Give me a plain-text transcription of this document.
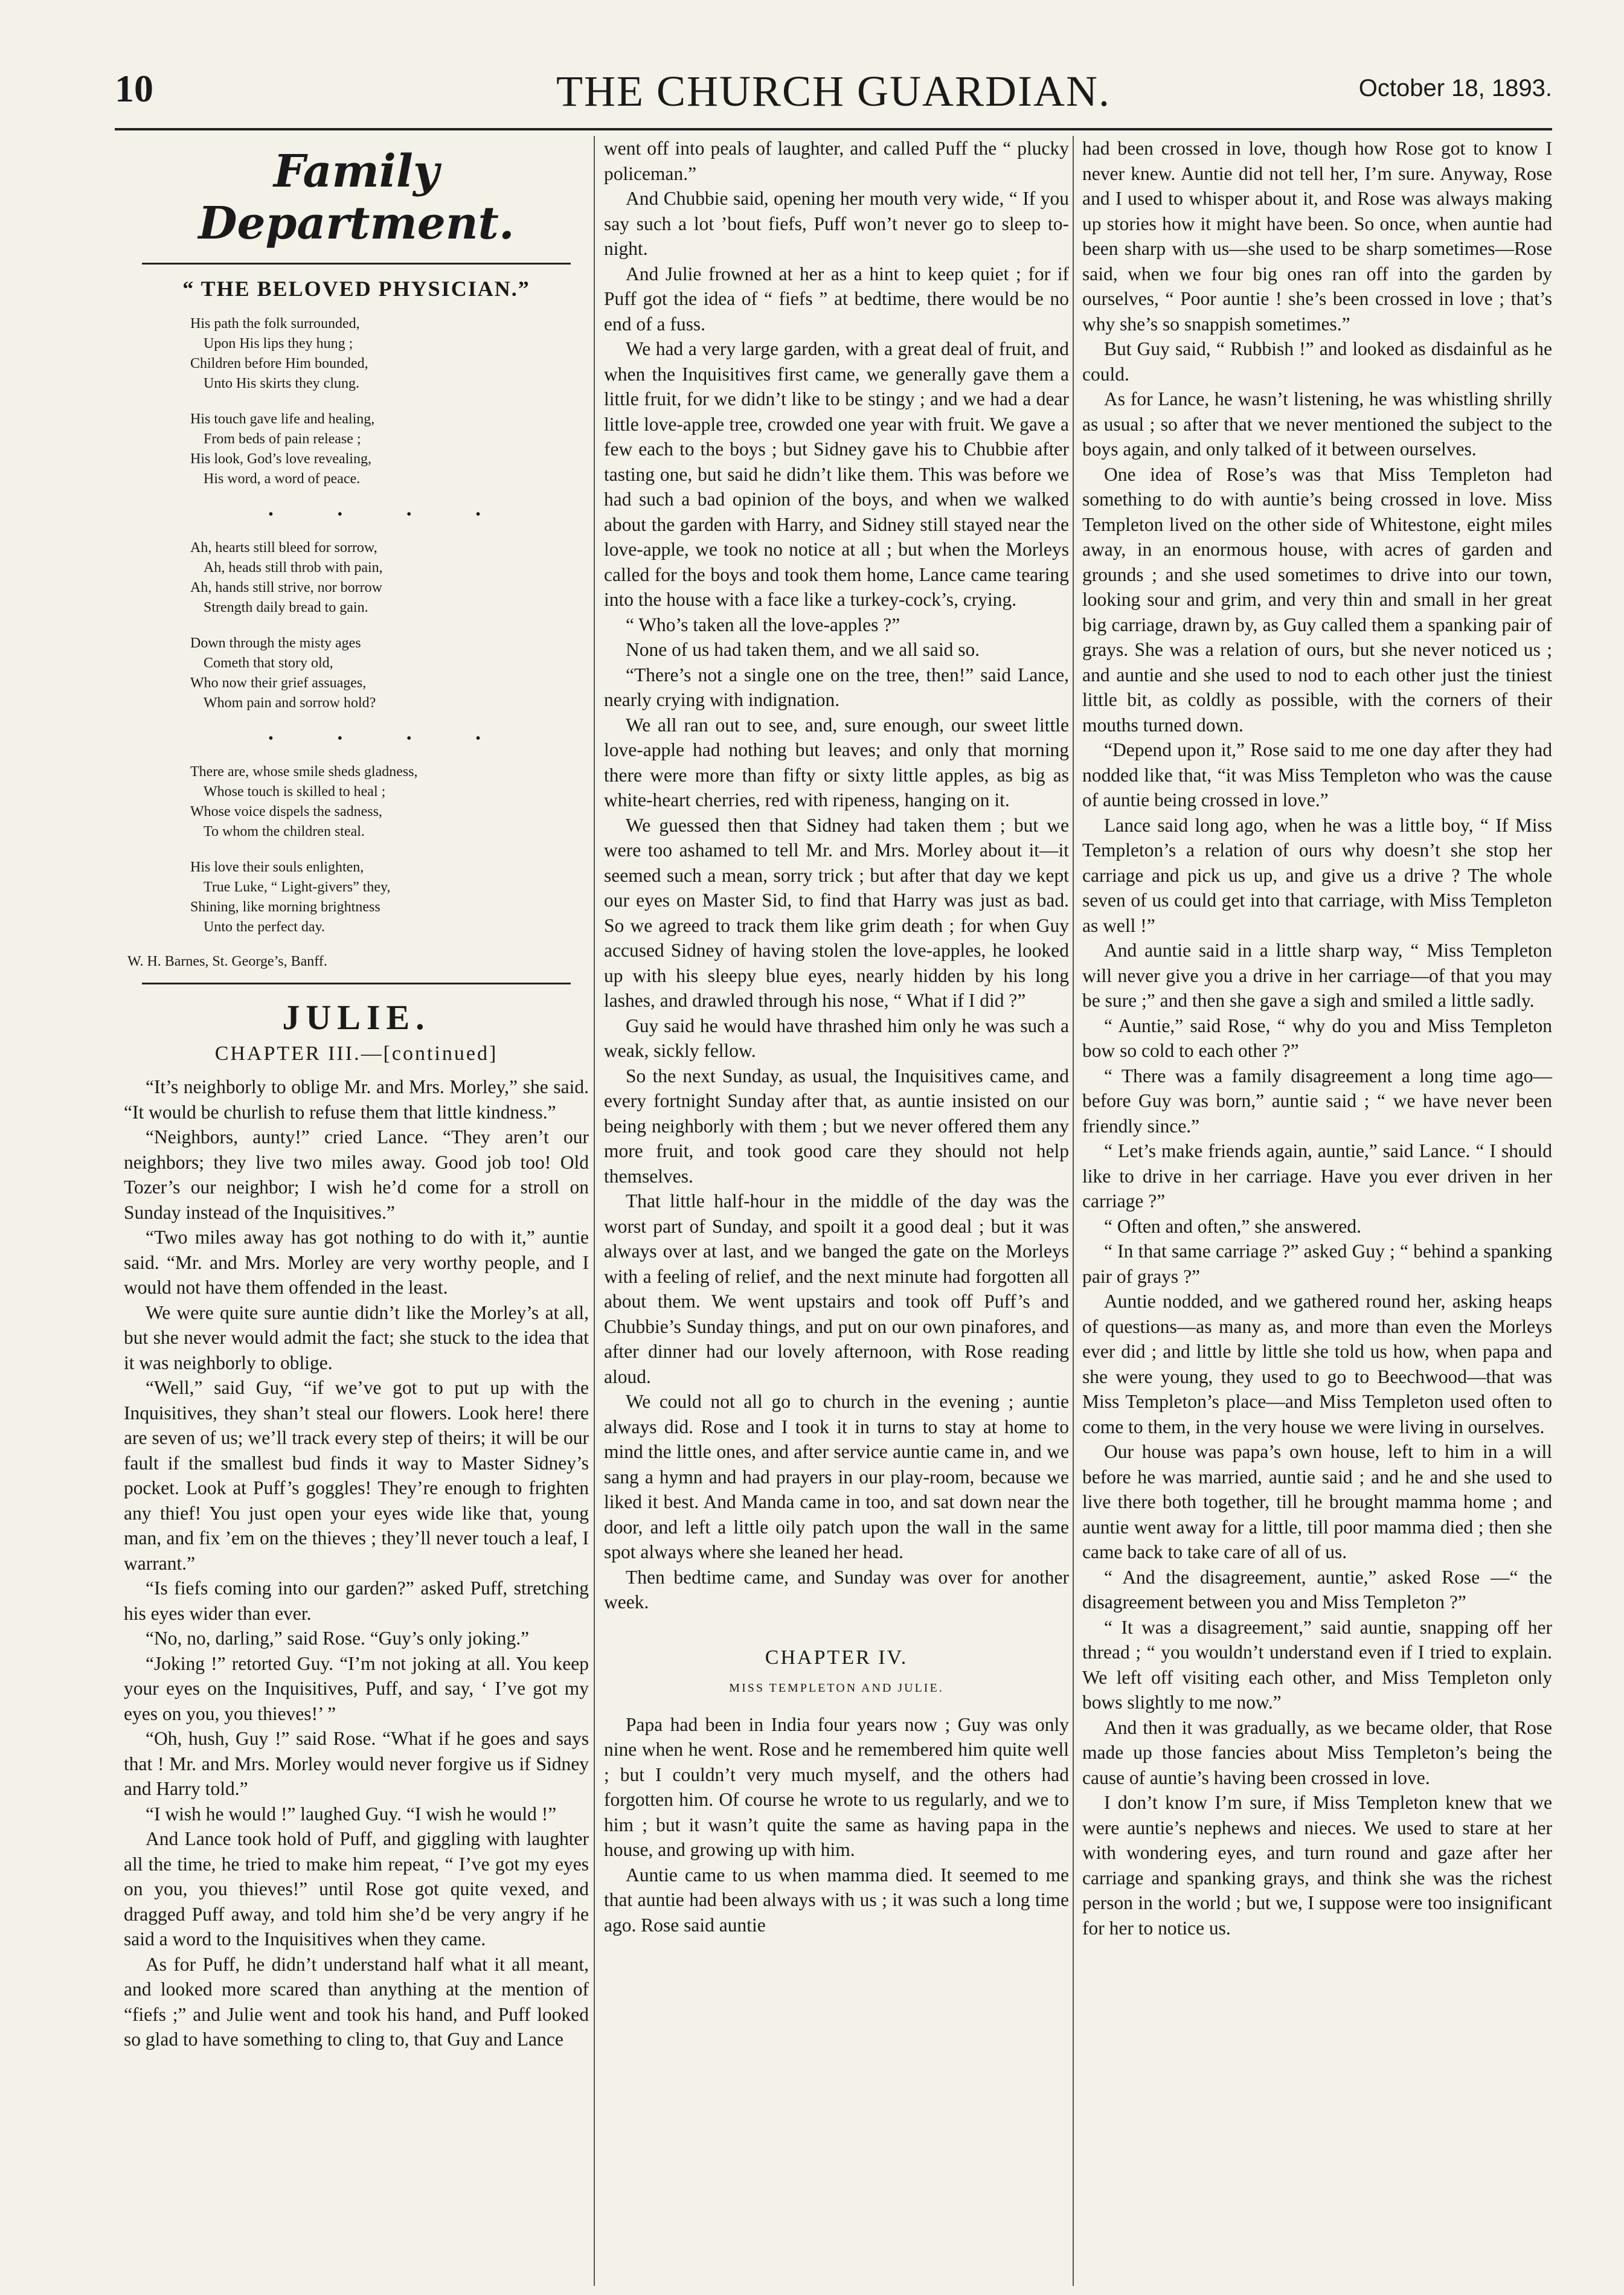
10	THE CHURCH GUARDIAN.	October 18, 1893.
Family Department.
“ THE BELOVED PHYSICIAN.”
His path the folk surrounded,
Upon His lips they hung ;
Children before Him bounded,
Unto His skirts they clung.
His touch gave life and healing,
From beds of pain release ;
His look, God’s love revealing,
His word, a word of peace.
• • • •
Ah, hearts still bleed for sorrow,
Ah, heads still throb with pain,
Ah, hands still strive, nor borrow
Strength daily bread to gain.
Down through the misty ages
Cometh that story old,
Who now their grief assuages,
Whom pain and sorrow hold?
• • • •
There are, whose smile sheds gladness,
Whose touch is skilled to heal ;
Whose voice dispels the sadness,
To whom the children steal.
His love their souls enlighten,
True Luke, “ Light-givers” they,
Shining, like morning brightness
Unto the perfect day.
W. H. Barnes, St. George’s, Banff.
JULIE.
CHAPTER III.—[continued]

“It’s neighborly to oblige Mr. and Mrs. Morley,” she said. “It would be churlish to refuse them that little kindness.”

“Neighbors, aunty!” cried Lance. “They aren’t our neighbors; they live two miles away. Good job too! Old Tozer’s our neighbor; I wish he’d come for a stroll on Sunday instead of the Inquisitives.”

“Two miles away has got nothing to do with it,” auntie said. “Mr. and Mrs. Morley are very worthy people, and I would not have them offended in the least.

We were quite sure auntie didn’t like the Morley’s at all, but she never would admit the fact; she stuck to the idea that it was neighborly to oblige.

“Well,” said Guy, “if we’ve got to put up with the Inquisitives, they shan’t steal our flowers. Look here! there are seven of us; we’ll track every step of theirs; it will be our fault if the smallest bud finds it way to Master Sidney’s pocket. Look at Puff’s goggles! They’re enough to frighten any thief! You just open your eyes wide like that, young man, and fix ’em on the thieves ; they’ll never touch a leaf, I warrant.”

“Is fiefs coming into our garden?” asked Puff, stretching his eyes wider than ever.

“No, no, darling,” said Rose. “Guy’s only joking.”

“Joking !” retorted Guy. “I’m not joking at all. You keep your eyes on the Inquisitives, Puff, and say, ‘ I’ve got my eyes on you, you thieves!’ ”

“Oh, hush, Guy !” said Rose. “What if he goes and says that ! Mr. and Mrs. Morley would never forgive us if Sidney and Harry told.”

“I wish he would !” laughed Guy. “I wish he would !”

And Lance took hold of Puff, and giggling with laughter all the time, he tried to make him repeat, “ I’ve got my eyes on you, you thieves!” until Rose got quite vexed, and dragged Puff away, and told him she’d be very angry if he said a word to the Inquisitives when they came.

As for Puff, he didn’t understand half what it all meant, and looked more scared than anything at the mention of “fiefs ;” and Julie went and took his hand, and Puff looked so glad to have something to cling to, that Guy and Lance

went off into peals of laughter, and called Puff the “ plucky policeman.”

And Chubbie said, opening her mouth very wide, “ If you say such a lot ’bout fiefs, Puff won’t never go to sleep to-night.

And Julie frowned at her as a hint to keep quiet ; for if Puff got the idea of “ fiefs ” at bedtime, there would be no end of a fuss.

We had a very large garden, with a great deal of fruit, and when the Inquisitives first came, we generally gave them a little fruit, for we didn’t like to be stingy ; and we had a dear little love-apple tree, crowded one year with fruit. We gave a few each to the boys ; but Sidney gave his to Chubbie after tasting one, but said he didn’t like them. This was before we had such a bad opinion of the boys, and when we walked about the garden with Harry, and Sidney still stayed near the love-apple, we took no notice at all ; but when the Morleys called for the boys and took them home, Lance came tearing into the house with a face like a turkey-cock’s, crying.

“ Who’s taken all the love-apples ?”

None of us had taken them, and we all said so.

“There’s not a single one on the tree, then!” said Lance, nearly crying with indignation.

We all ran out to see, and, sure enough, our sweet little love-apple had nothing but leaves; and only that morning there were more than fifty or sixty little apples, as big as white-heart cherries, red with ripeness, hanging on it.

We guessed then that Sidney had taken them ; but we were too ashamed to tell Mr. and Mrs. Morley about it—it seemed such a mean, sorry trick ; but after that day we kept our eyes on Master Sid, to find that Harry was just as bad. So we agreed to track them like grim death ; for when Guy accused Sidney of having stolen the love-apples, he looked up with his sleepy blue eyes, nearly hidden by his long lashes, and drawled through his nose, “ What if I did ?”

Guy said he would have thrashed him only he was such a weak, sickly fellow.

So the next Sunday, as usual, the Inquisitives came, and every fortnight Sunday after that, as auntie insisted on our being neighborly with them ; but we never offered them any more fruit, and took good care they should not help themselves.

That little half-hour in the middle of the day was the worst part of Sunday, and spoilt it a good deal ; but it was always over at last, and we banged the gate on the Morleys with a feeling of relief, and the next minute had forgotten all about them. We went upstairs and took off Puff’s and Chubbie’s Sunday things, and put on our own pinafores, and after dinner had our lovely afternoon, with Rose reading aloud.

We could not all go to church in the evening ; auntie always did. Rose and I took it in turns to stay at home to mind the little ones, and after service auntie came in, and we sang a hymn and had prayers in our play-room, because we liked it best. And Manda came in too, and sat down near the door, and left a little oily patch upon the wall in the same spot always where she leaned her head.

Then bedtime came, and Sunday was over for another week.

CHAPTER IV.
MISS TEMPLETON AND JULIE.

Papa had been in India four years now ; Guy was only nine when he went. Rose and he remembered him quite well ; but I couldn’t very much myself, and the others had forgotten him. Of course he wrote to us regularly, and we to him ; but it wasn’t quite the same as having papa in the house, and growing up with him.

Auntie came to us when mamma died. It seemed to me that auntie had been always with us ; it was such a long time ago. Rose said auntie

had been crossed in love, though how Rose got to know I never knew. Auntie did not tell her, I’m sure. Anyway, Rose and I used to whisper about it, and Rose was always making up stories how it might have been. So once, when auntie had been sharp with us—she used to be sharp sometimes—Rose said, when we four big ones ran off into the garden by ourselves, “ Poor auntie ! she’s been crossed in love ; that’s why she’s so snappish sometimes.”

But Guy said, “ Rubbish !” and looked as disdainful as he could.

As for Lance, he wasn’t listening, he was whistling shrilly as usual ; so after that we never mentioned the subject to the boys again, and only talked of it between ourselves.

One idea of Rose’s was that Miss Templeton had something to do with auntie’s being crossed in love. Miss Templeton lived on the other side of Whitestone, eight miles away, in an enormous house, with acres of garden and grounds ; and she used sometimes to drive into our town, looking sour and grim, and very thin and small in her great big carriage, drawn by, as Guy called them a spanking pair of grays. She was a relation of ours, but she never noticed us ; and auntie and she used to nod to each other just the tiniest little bit, as coldly as possible, with the corners of their mouths turned down.

“Depend upon it,” Rose said to me one day after they had nodded like that, “it was Miss Templeton who was the cause of auntie being crossed in love.”

Lance said long ago, when he was a little boy, “ If Miss Templeton’s a relation of ours why doesn’t she stop her carriage and pick us up, and give us a drive ? The whole seven of us could get into that carriage, with Miss Templeton as well !”

And auntie said in a little sharp way, “ Miss Templeton will never give you a drive in her carriage—of that you may be sure ;” and then she gave a sigh and smiled a little sadly.

“ Auntie,” said Rose, “ why do you and Miss Templeton bow so cold to each other ?”

“ There was a family disagreement a long time ago—before Guy was born,” auntie said ; “ we have never been friendly since.”

“ Let’s make friends again, auntie,” said Lance. “ I should like to drive in her carriage. Have you ever driven in her carriage ?”

“ Often and often,” she answered.

“ In that same carriage ?” asked Guy ; “ behind a spanking pair of grays ?”

Auntie nodded, and we gathered round her, asking heaps of questions—as many as, and more than even the Morleys ever did ; and little by little she told us how, when papa and she were young, they used to go to Beechwood—that was Miss Templeton’s place—and Miss Templeton used often to come to them, in the very house we were living in ourselves.

Our house was papa’s own house, left to him in a will before he was married, auntie said ; and he and she used to live there both together, till he brought mamma home ; and auntie went away for a little, till poor mamma died ; then she came back to take care of all of us.

“ And the disagreement, auntie,” asked Rose —“ the disagreement between you and Miss Templeton ?”

“ It was a disagreement,” said auntie, snapping off her thread ; “ you wouldn’t understand even if I tried to explain. We left off visiting each other, and Miss Templeton only bows slightly to me now.”

And then it was gradually, as we became older, that Rose made up those fancies about Miss Templeton’s being the cause of auntie’s having been crossed in love.

I don’t know I’m sure, if Miss Templeton knew that we were auntie’s nephews and nieces. We used to stare at her with wondering eyes, and turn round and gaze after her carriage and spanking grays, and think she was the richest person in the world ; but we, I suppose were too insignificant for her to notice us.
